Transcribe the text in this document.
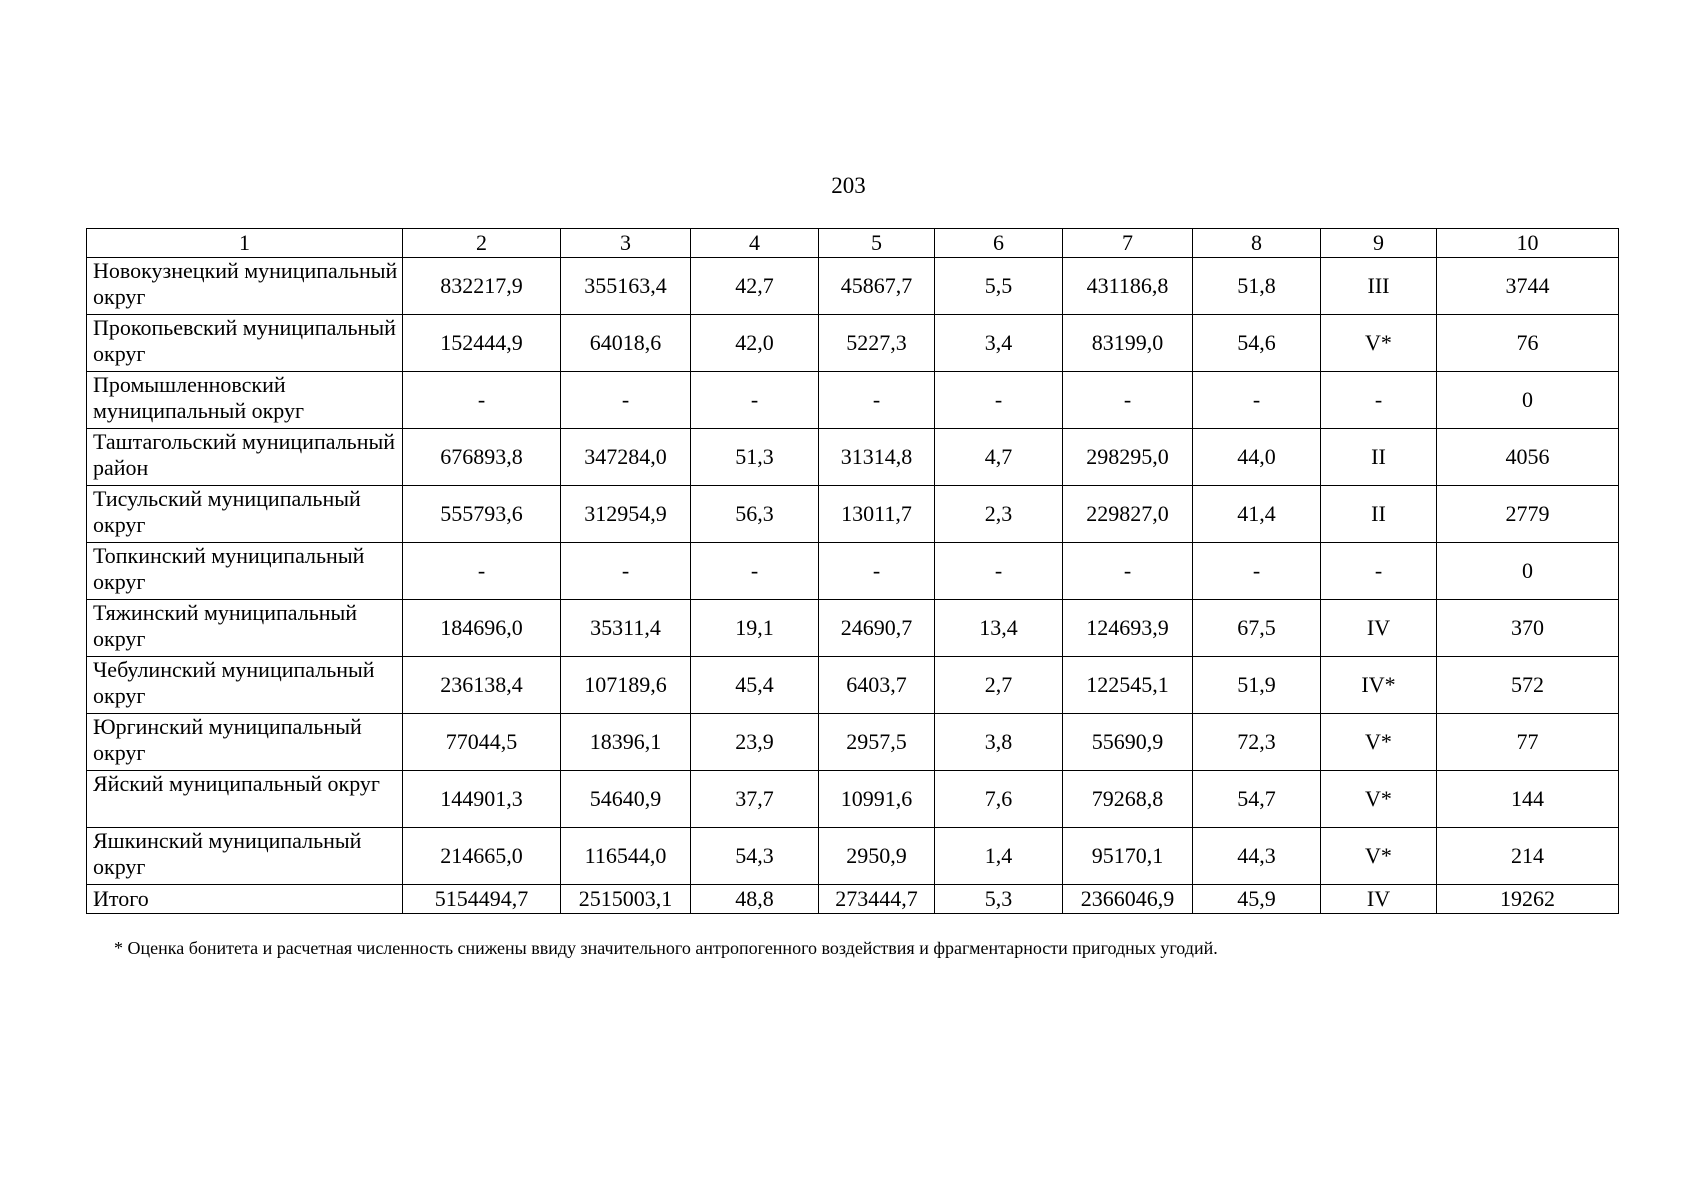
203
1	2	3	4	5	6	7	8	9	10
Новокузнецкий муниципальный округ	832217,9	355163,4	42,7	45867,7	5,5	431186,8	51,8	III	3744
Прокопьевский муниципальный округ	152444,9	64018,6	42,0	5227,3	3,4	83199,0	54,6	V*	76
Промышленновский муниципальный округ	-	-	-	-	-	-	-	-	0
Таштагольский муниципальный район	676893,8	347284,0	51,3	31314,8	4,7	298295,0	44,0	II	4056
Тисульский муниципальный округ	555793,6	312954,9	56,3	13011,7	2,3	229827,0	41,4	II	2779
Топкинский муниципальный округ	-	-	-	-	-	-	-	-	0
Тяжинский муниципальный округ	184696,0	35311,4	19,1	24690,7	13,4	124693,9	67,5	IV	370
Чебулинский муниципальный округ	236138,4	107189,6	45,4	6403,7	2,7	122545,1	51,9	IV*	572
Юргинский муниципальный округ	77044,5	18396,1	23,9	2957,5	3,8	55690,9	72,3	V*	77
Яйский муниципальный округ	144901,3	54640,9	37,7	10991,6	7,6	79268,8	54,7	V*	144
Яшкинский муниципальный округ	214665,0	116544,0	54,3	2950,9	1,4	95170,1	44,3	V*	214
Итого	5154494,7	2515003,1	48,8	273444,7	5,3	2366046,9	45,9	IV	19262
* Оценка бонитета и расчетная численность снижены ввиду значительного антропогенного воздействия и фрагментарности пригодных угодий.
